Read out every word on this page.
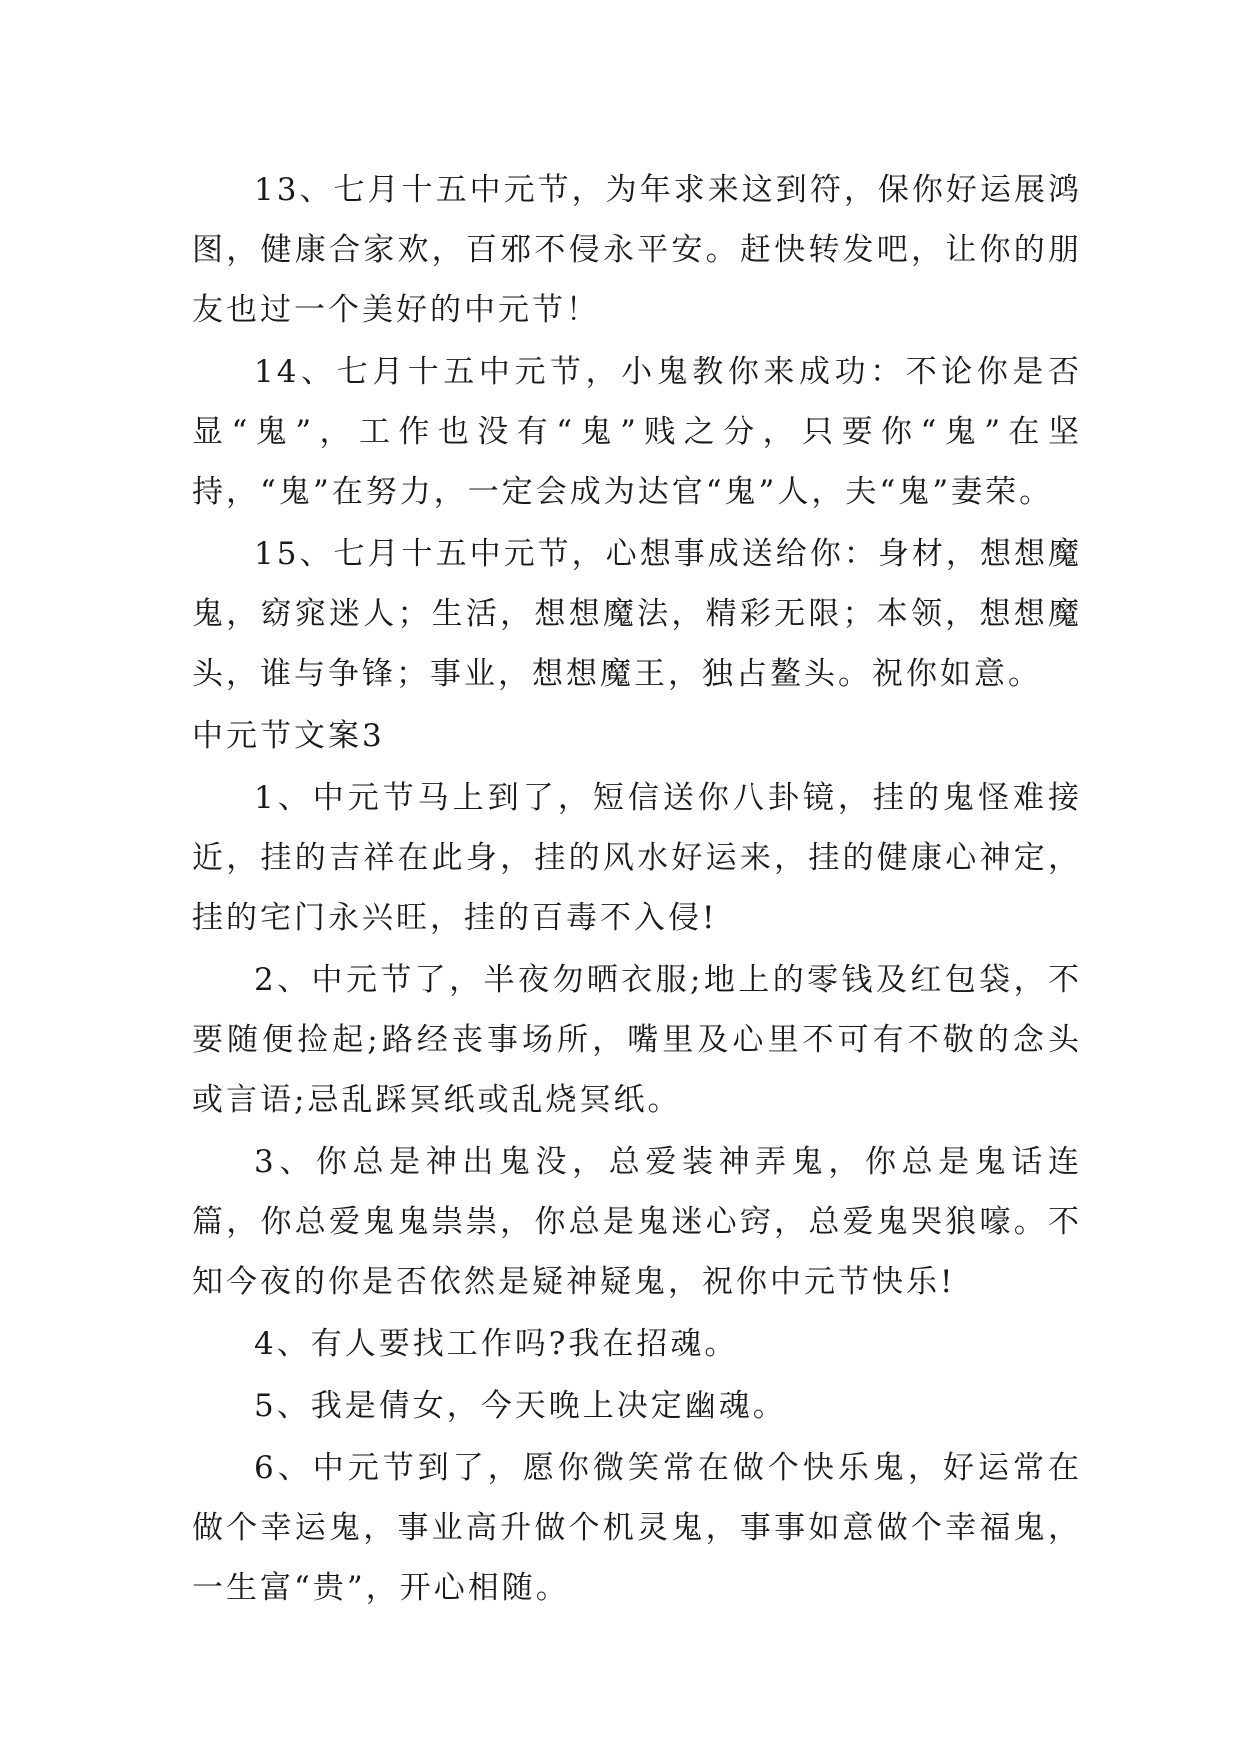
13、七月十五中元节，为年求来这到符，保你好运展鸿图，健康合家欢，百邪不侵永平安。赶快转发吧，让你的朋友也过一个美好的中元节！

14、七月十五中元节，小鬼教你来成功：不论你是否显“鬼”，工作也没有“鬼”贱之分，只要你“鬼”在坚持，“鬼”在努力，一定会成为达官“鬼”人，夫“鬼”妻荣。

15、七月十五中元节，心想事成送给你：身材，想想魔鬼，窈窕迷人；生活，想想魔法，精彩无限；本领，想想魔头，谁与争锋；事业，想想魔王，独占鳌头。祝你如意。

中元节文案3

1、中元节马上到了，短信送你八卦镜，挂的鬼怪难接近，挂的吉祥在此身，挂的风水好运来，挂的健康心神定，挂的宅门永兴旺，挂的百毒不入侵!

2、中元节了，半夜勿晒衣服;地上的零钱及红包袋，不要随便捡起;路经丧事场所，嘴里及心里不可有不敬的念头或言语;忌乱踩冥纸或乱烧冥纸。

3、你总是神出鬼没，总爱装神弄鬼，你总是鬼话连篇，你总爱鬼鬼祟祟，你总是鬼迷心窍，总爱鬼哭狼嚎。不知今夜的你是否依然是疑神疑鬼，祝你中元节快乐!

4、有人要找工作吗?我在招魂。

5、我是倩女，今天晚上决定幽魂。

6、中元节到了，愿你微笑常在做个快乐鬼，好运常在做个幸运鬼，事业高升做个机灵鬼，事事如意做个幸福鬼，一生富“贵”，开心相随。
